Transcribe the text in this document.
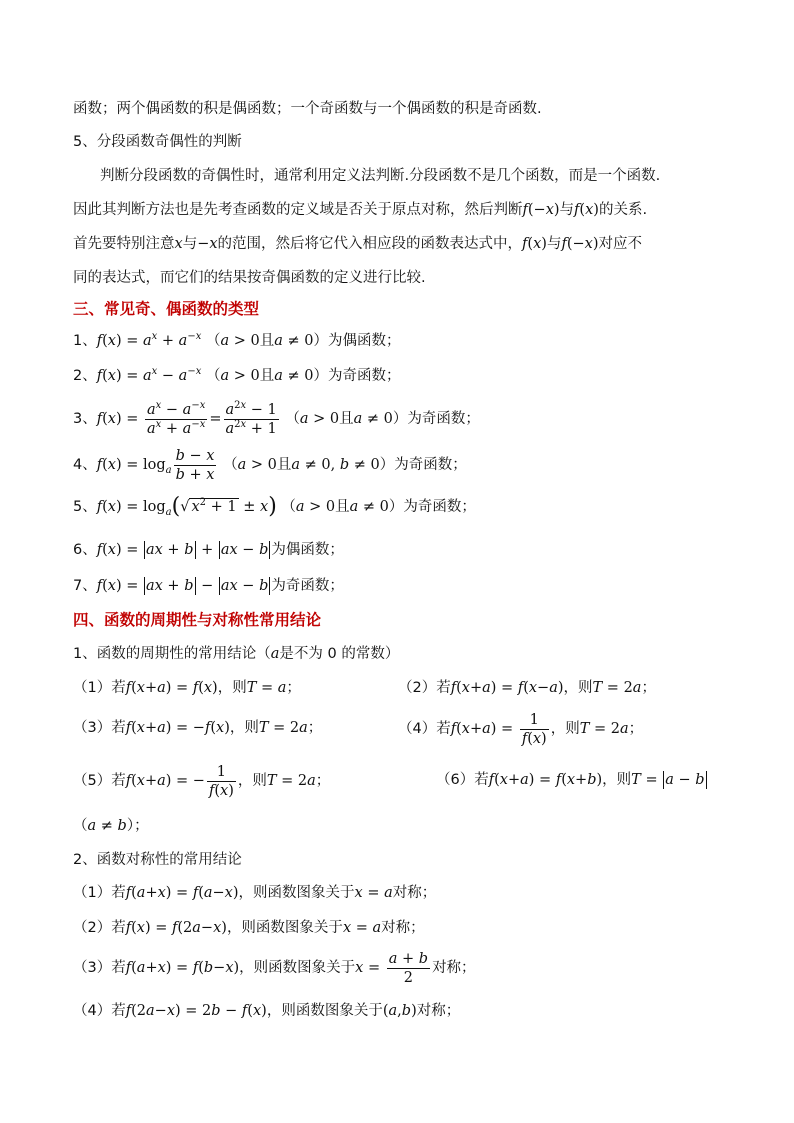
函数；两个偶函数的积是偶函数；一个奇函数与一个偶函数的积是奇函数.
5、分段函数奇偶性的判断
判断分段函数的奇偶性时，通常利用定义法判断.分段函数不是几个函数，而是一个函数.
因此其判断方法也是先考查函数的定义域是否关于原点对称，然后判断f(−x)与f(x)的关系.
首先要特别注意x与−x的范围，然后将它代入相应段的函数表达式中，f(x)与f(−x)对应不
同的表达式，而它们的结果按奇偶函数的定义进行比较.
三、常见奇、偶函数的类型
1、$f(x) = a^x + a^{-x}$ （a > 0且a ≠ 0）为偶函数；
2、$f(x) = a^x - a^{-x}$ （a > 0且a ≠ 0）为奇函数；
3、$f(x) = \frac{a^x - a^{-x}}{a^x + a^{-x}} = \frac{a^{2x} - 1}{a^{2x} + 1} (a > 0$且a ≠ 0）为奇函数；
4、$f(x) = \log_a \frac{b - x}{b + x} (a > 0$且a ≠ 0, b ≠ 0）为奇函数；
5、$f(x) = \log_a(√$ $x^2 + 1 \pm x$) （a > 0且a ≠ 0）为奇函数；
6、f(x) = ax + b + ax − b 为偶函数；
7、f(x) = ax + b − ax − b 为奇函数；
四、函数的周期性与对称性常用结论
1、函数的周期性的常用结论（a是不为 0 的常数）
（1）若f(x+a) = f(x)，则T = a；	（2）若f(x+a) = f(x−a)，则T = 2a；
（3）若f(x+a) = −f(x)，则T = 2a；	（4）若$f(x+a) = \frac{1}{f(x)}$ ，则T = 2a；
（5）若f(x+a) = − $\frac{1}{f(x)}$ ，则T = 2a；	（6）若f(x+a) = f(x+b)，则T = a − b
（a ≠ b）；
2、函数对称性的常用结论
（1）若f(a+x) = f(a−x)，则函数图象关于x = a对称；
（2）若f(x) = f(2a−x)，则函数图象关于x = a对称；
（3）若f(a+x) = f(b−x)，则函数图象关于$x = \frac{a + b}{2}$ 对称；
（4）若f(2a−x) = 2b − f(x)，则函数图象关于(a,b)对称；
